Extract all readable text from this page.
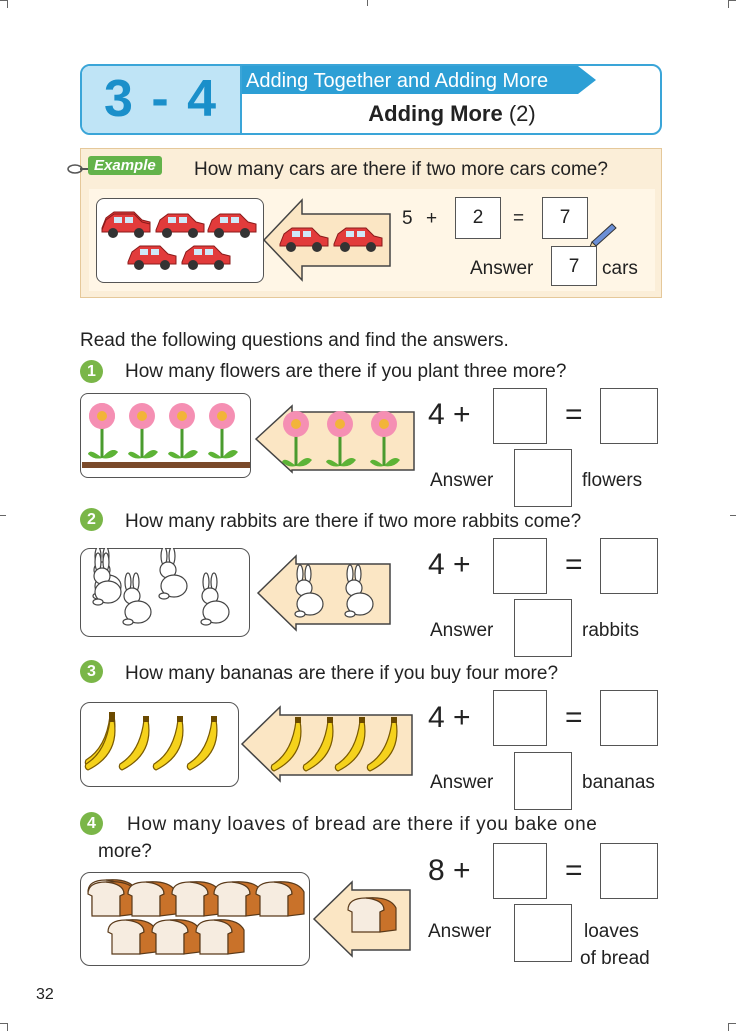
3 - 4	Adding Together and Adding More
Adding More (2)
Example	How many cars are there if two more cars come?
5 +	2	=	7
Answer	7	cars
Read the following questions and find the answers.
1	How many flowers are there if you plant three more?
4 +	=
Answer	flowers
2	How many rabbits are there if two more rabbits come?
4 +	=
Answer	rabbits
3	How many bananas are there if you buy four more?
4 +	=
Answer	bananas
4	How many loaves of bread are there if you bake one
more?
8 +	=
Answer	loaves
of bread
32
